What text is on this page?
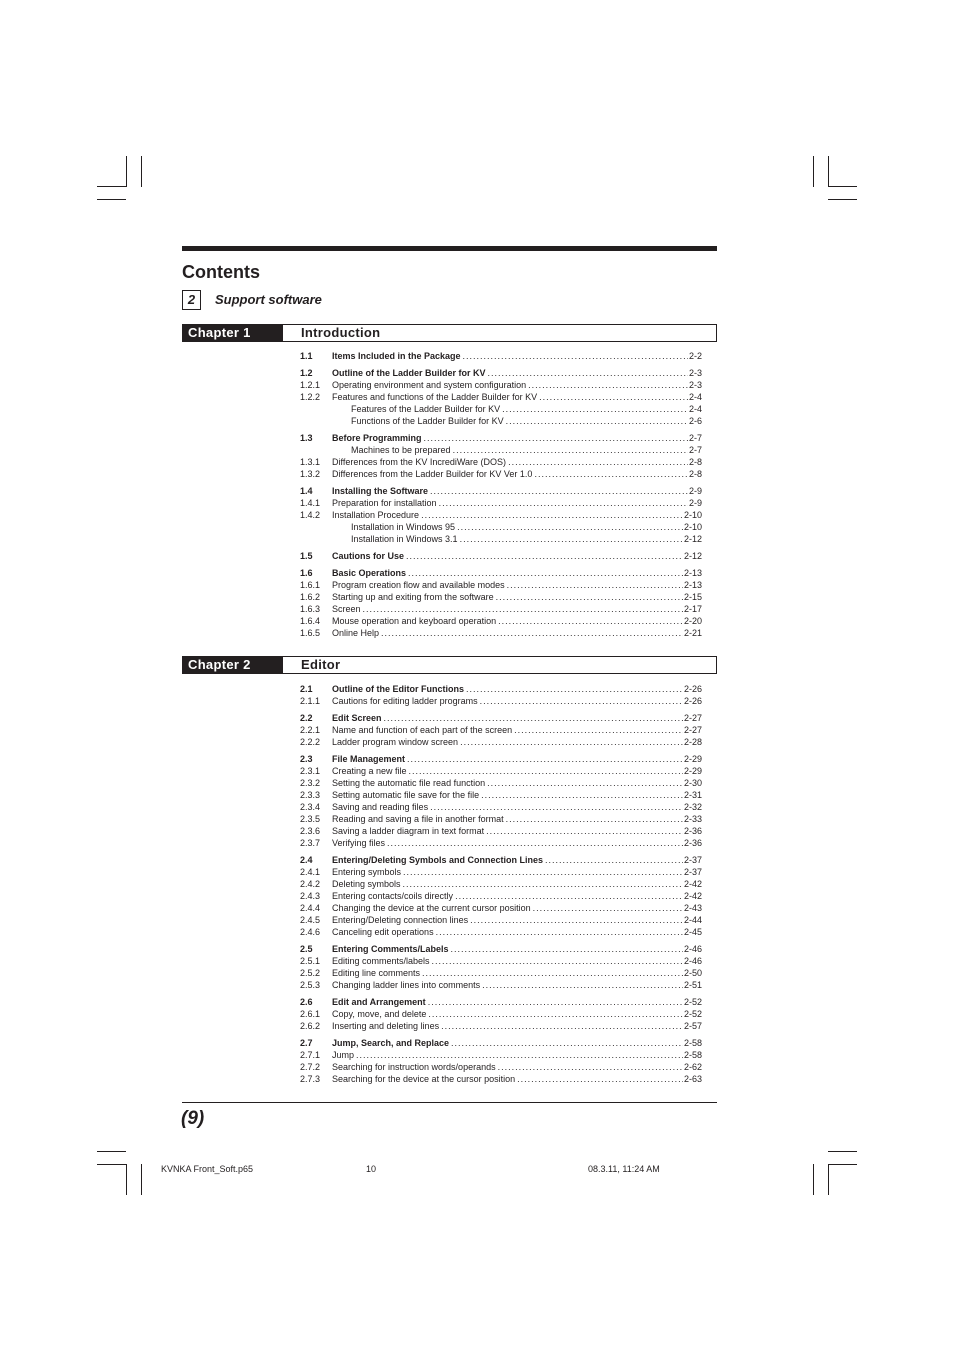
Contents
2	Support software
Chapter 1	Introduction
1.1	Items Included in the Package .....	2-2
1.2	Outline of the Ladder Builder for KV .....	2-3
1.2.1	Operating environment and system configuration .....	2-3
1.2.2	Features and functions of the Ladder Builder for KV .....	2-4
Features of the Ladder Builder for KV .....	2-4
Functions of the Ladder Builder for KV .....	2-6
1.3	Before Programming .....	2-7
Machines to be prepared .....	2-7
1.3.1	Differences from the KV IncrediWare (DOS) .....	2-8
1.3.2	Differences from the Ladder Builder for KV Ver 1.0 .....	2-8
1.4	Installing the Software .....	2-9
1.4.1	Preparation for installation .....	2-9
1.4.2	Installation Procedure .....	2-10
Installation in Windows 95 .....	2-10
Installation in Windows 3.1 .....	2-12
1.5	Cautions for Use .....	2-12
1.6	Basic Operations .....	2-13
1.6.1	Program creation flow and available modes .....	2-13
1.6.2	Starting up and exiting from the software .....	2-15
1.6.3	Screen .....	2-17
1.6.4	Mouse operation and keyboard operation .....	2-20
1.6.5	Online Help .....	2-21
Chapter 2	Editor
2.1	Outline of the Editor Functions .....	2-26
2.1.1	Cautions for editing ladder programs .....	2-26
2.2	Edit Screen .....	2-27
2.2.1	Name and function of each part of the screen .....	2-27
2.2.2	Ladder program window screen .....	2-28
2.3	File Management .....	2-29
2.3.1	Creating a new file .....	2-29
2.3.2	Setting the automatic file read function .....	2-30
2.3.3	Setting automatic file save for the file .....	2-31
2.3.4	Saving and reading files .....	2-32
2.3.5	Reading and saving a file in another format .....	2-33
2.3.6	Saving a ladder diagram in text format .....	2-36
2.3.7	Verifying files .....	2-36
2.4	Entering/Deleting Symbols and Connection Lines .....	2-37
2.4.1	Entering symbols .....	2-37
2.4.2	Deleting symbols .....	2-42
2.4.3	Entering contacts/coils directly .....	2-42
2.4.4	Changing the device at the current cursor position .....	2-43
2.4.5	Entering/Deleting connection lines .....	2-44
2.4.6	Canceling edit operations .....	2-45
2.5	Entering Comments/Labels .....	2-46
2.5.1	Editing comments/labels .....	2-46
2.5.2	Editing line comments .....	2-50
2.5.3	Changing ladder lines into comments .....	2-51
2.6	Edit and Arrangement .....	2-52
2.6.1	Copy, move, and delete .....	2-52
2.6.2	Inserting and deleting lines .....	2-57
2.7	Jump, Search, and Replace .....	2-58
2.7.1	Jump .....	2-58
2.7.2	Searching for instruction words/operands .....	2-62
2.7.3	Searching for the device at the cursor position .....	2-63
(9)
KVNKA Front_Soft.p65	10	08.3.11, 11:24 AM
